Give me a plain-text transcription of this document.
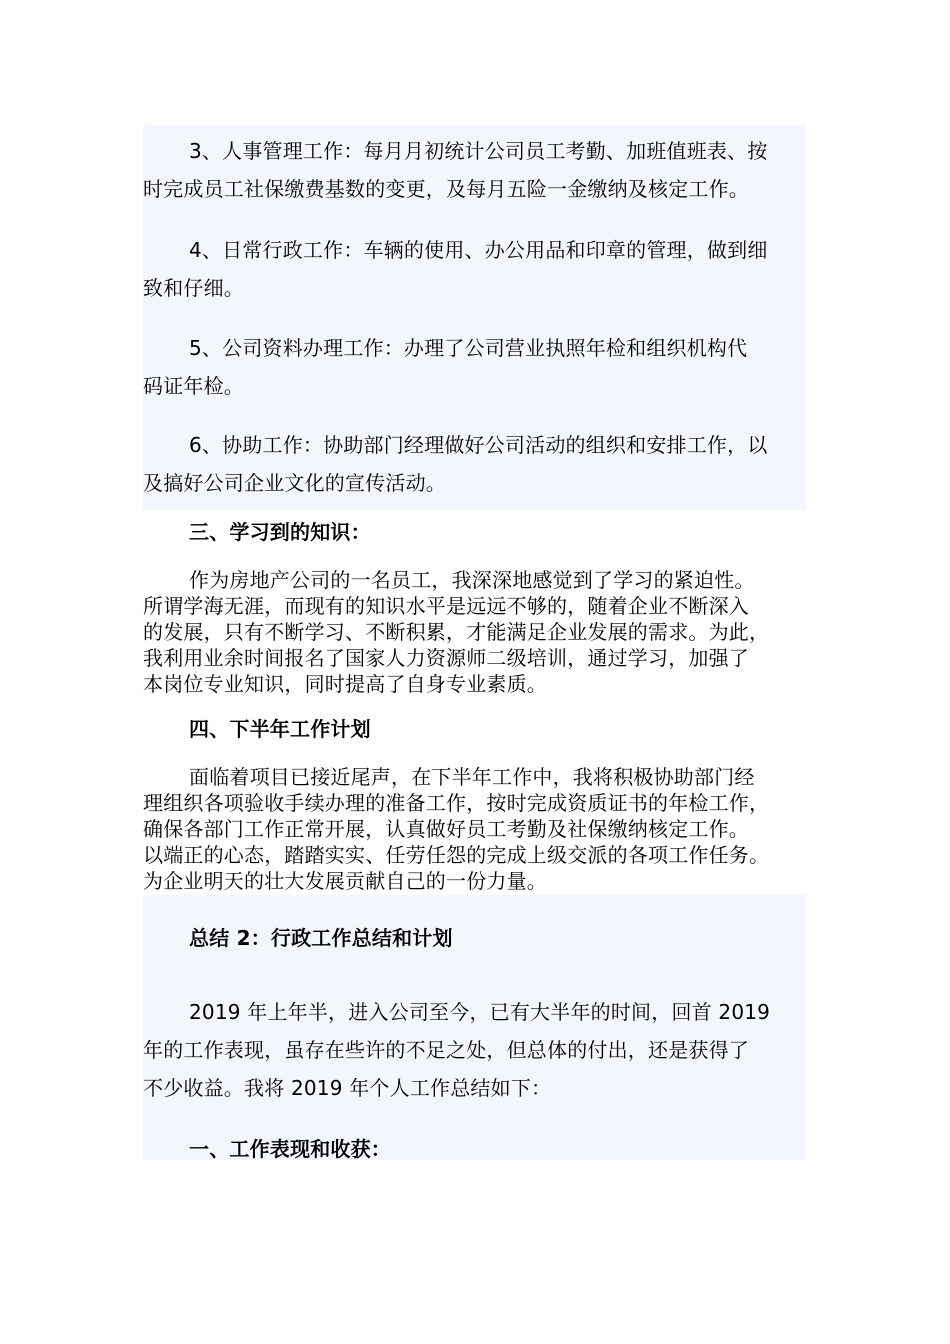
3、人事管理工作：每月月初统计公司员工考勤、加班值班表、按
时完成员工社保缴费基数的变更，及每月五险一金缴纳及核定工作。

4、日常行政工作：车辆的使用、办公用品和印章的管理，做到细
致和仔细。

5、公司资料办理工作：办理了公司营业执照年检和组织机构代
码证年检。

6、协助工作：协助部门经理做好公司活动的组织和安排工作，以
及搞好公司企业文化的宣传活动。

三、学习到的知识：

作为房地产公司的一名员工，我深深地感觉到了学习的紧迫性。
所谓学海无涯，而现有的知识水平是远远不够的，随着企业不断深入
的发展，只有不断学习、不断积累，才能满足企业发展的需求。为此，
我利用业余时间报名了国家人力资源师二级培训，通过学习，加强了
本岗位专业知识，同时提高了自身专业素质。

四、下半年工作计划

面临着项目已接近尾声，在下半年工作中，我将积极协助部门经
理组织各项验收手续办理的准备工作，按时完成资质证书的年检工作，
确保各部门工作正常开展，认真做好员工考勤及社保缴纳核定工作。
以端正的心态，踏踏实实、任劳任怨的完成上级交派的各项工作任务。
为企业明天的壮大发展贡献自己的一份力量。

总结 2：行政工作总结和计划

2019 年上年半，进入公司至今，已有大半年的时间，回首 2019
年的工作表现，虽存在些许的不足之处，但总体的付出，还是获得了
不少收益。我将 2019 年个人工作总结如下：

一、工作表现和收获：
